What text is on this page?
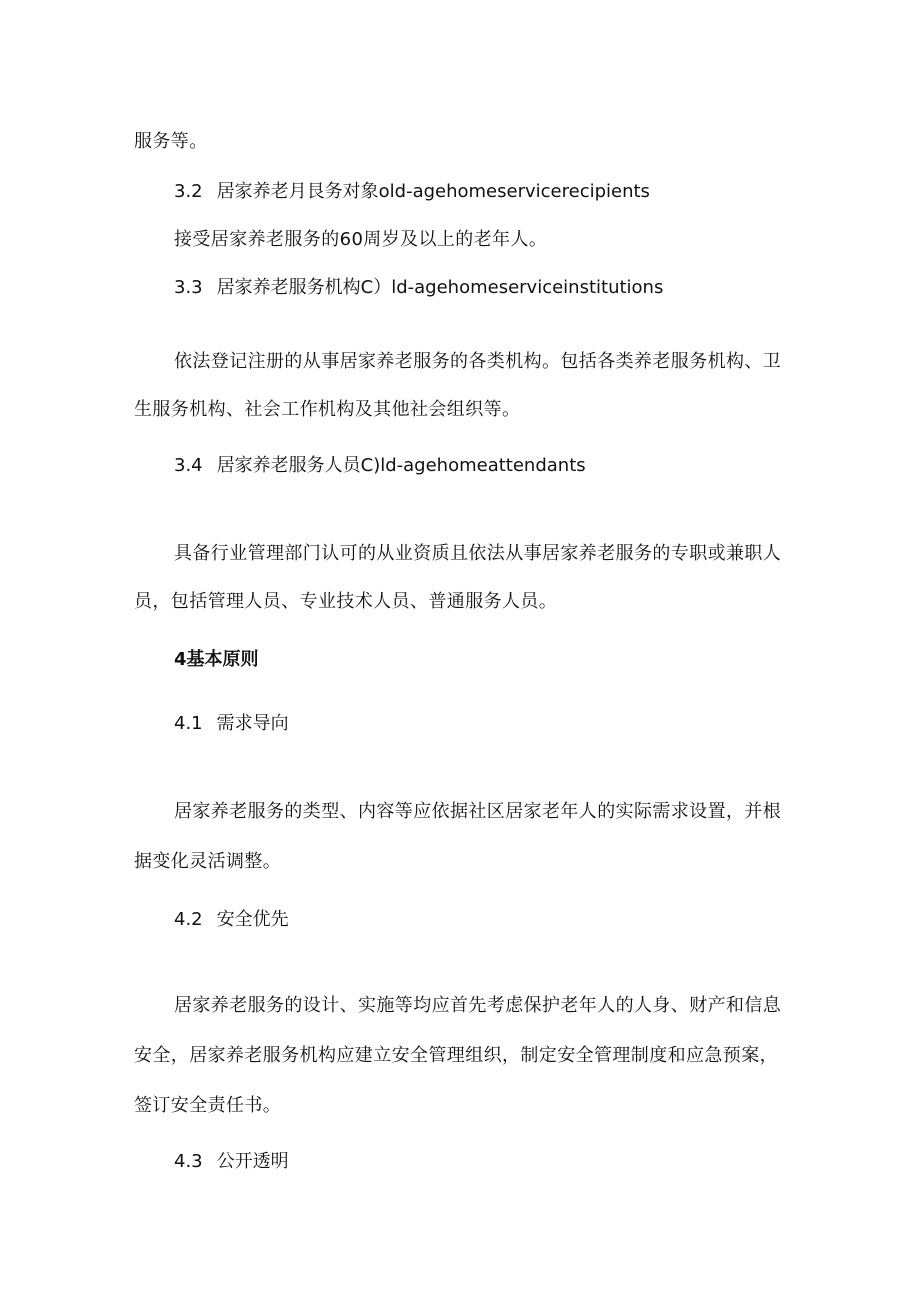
服务等。
3.2 居家养老月艮务对象old-agehomeservicerecipients
接受居家养老服务的60周岁及以上的老年人。
3.3 居家养老服务机构C）ld-agehomeserviceinstitutions
依法登记注册的从事居家养老服务的各类机构。包括各类养老服务机构、卫
生服务机构、社会工作机构及其他社会组织等。
3.4 居家养老服务人员C)ld-agehomeattendants
具备行业管理部门认可的从业资质且依法从事居家养老服务的专职或兼职人
员，包括管理人员、专业技术人员、普通服务人员。
4基本原则
4.1 需求导向
居家养老服务的类型、内容等应依据社区居家老年人的实际需求设置，并根
据变化灵活调整。
4.2 安全优先
居家养老服务的设计、实施等均应首先考虑保护老年人的人身、财产和信息
安全，居家养老服务机构应建立安全管理组织，制定安全管理制度和应急预案，
签订安全责任书。
4.3 公开透明
